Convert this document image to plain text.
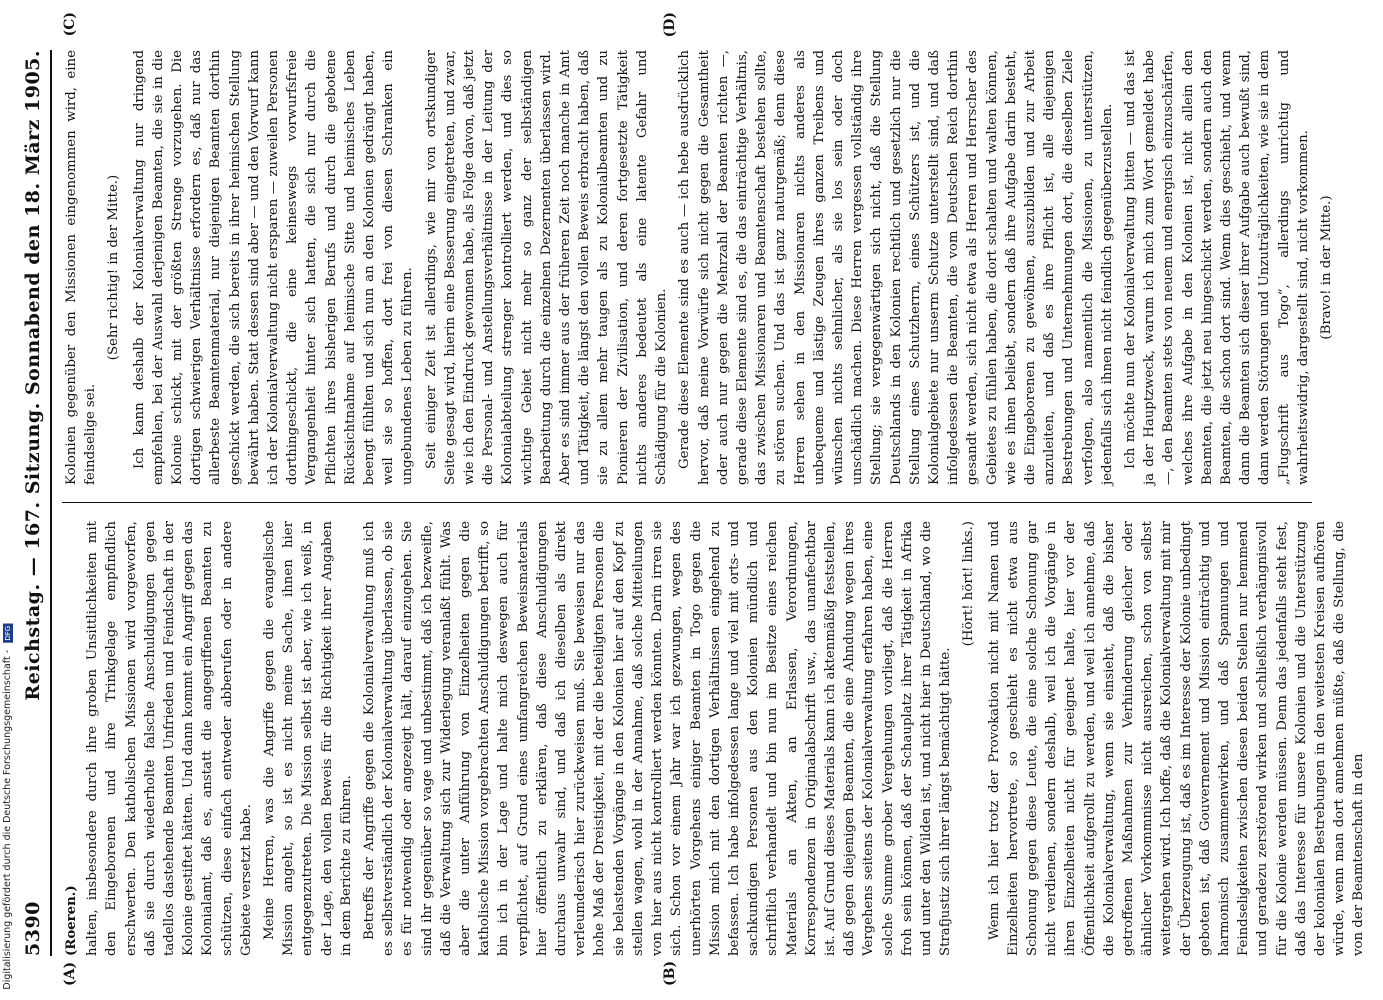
5390
Reichstag. — 167. Sitzung. Sonnabend den 18. März 1905.
(A)	(B)
(C)	(D)
(Roeren.) halten, insbesondere durch ihre groben Unsittlichkeiten mit den Eingeborenen und ihre Trinkgelage empfindlich erschwerten. Den katholischen Missionen wird vorgeworfen, daß sie durch wiederholte falsche Anschuldigungen gegen tadellos dastehende Beamten Unfrieden und Feindschaft in der Kolonie gestiftet hätten. Und dann kommt ein Angriff gegen das Kolonialamt, daß es, anstatt die angegriffenen Beamten zu schützen, diese einfach entweder abberufen oder in andere Gebiete versetzt habe. Meine Herren, was die Angriffe gegen die evangelische Mission angeht, so ist es nicht meine Sache, ihnen hier entgegenzutreten. Die Mission selbst ist aber, wie ich weiß, in der Lage, den vollen Beweis für die Richtigkeit ihrer Angaben in dem Berichte zu führen. Betreffs der Angriffe gegen die Kolonialverwaltung muß ich es selbstverständlich der Kolonialverwaltung überlassen, ob sie es für notwendig oder angezeigt hält, darauf einzugehen. Sie sind ihr gegenüber so vage und unbestimmt, daß ich bezweifle, daß die Verwaltung sich zur Widerlegung veranlaßt fühlt. Was aber die unter Anführung von Einzelheiten gegen die katholische Mission vorgebrachten Anschuldigungen betrifft, so bin ich in der Lage und halte mich deswegen auch für verpflichtet, auf Grund eines umfangreichen Beweismaterials hier öffentlich zu erklären, daß diese Anschuldigungen durchaus unwahr sind, und daß ich dieselben als direkt verleumderisch hier zurückweisen muß. Sie beweisen nur das hohe Maß der Dreistigkeit, mit der die beteiligten Personen die sie belastenden Vorgänge in den Kolonien hier auf den Kopf zu stellen wagen, wohl in der Annahme, daß solche Mitteilungen von hier aus nicht kontrolliert werden könnten. Darin irren sie sich. Schon vor einem Jahr war ich gezwungen, wegen des unerhörten Vorgehens einiger Beamten in Togo gegen die Mission mich mit den dortigen Verhältnissen eingehend zu befassen. Ich habe infolgedessen lange und viel mit orts- und sachkundigen Personen aus den Kolonien mündlich und schriftlich verhandelt und bin nun im Besitze eines reichen Materials an Akten, an Erlassen, Verordnungen, Korrespondenzen in Originalabschrift usw., das unanfechtbar ist. Auf Grund dieses Materials kann ich aktenmäßig feststellen, daß gegen diejenigen Beamten, die eine Ahndung wegen ihres Vergehens seitens der Kolonialverwaltung erfahren haben, eine solche Summe grober Vergehungen vorliegt, daß die Herren froh sein können, daß der Schauplatz ihrer Tätigkeit in Afrika und unter den Wilden ist, und nicht hier in Deutschland, wo die Strafjustiz sich ihrer längst bemächtigt hätte.

(Hört! hört! links.) Wenn ich hier trotz der Provokation nicht mit Namen und Einzelheiten hervortrete, so geschieht es nicht etwa aus Schonung gegen diese Leute, die eine solche Schonung gar nicht verdienen, sondern deshalb, weil ich die Vorgänge in ihren Einzelheiten nicht für geeignet halte, hier vor der Öffentlichkeit aufgerollt zu werden, und weil ich annehme, daß die Kolonialverwaltung, wenn sie einsieht, daß die bisher getroffenen Maßnahmen zur Verhinderung gleicher oder ähnlicher Vorkommnisse nicht ausreichen, schon von selbst weitergehen wird. Ich hoffe, daß die Kolonialverwaltung mit mir der Überzeugung ist, daß es im Interesse der Kolonie unbedingt geboten ist, daß Gouvernement und Mission einträchtig und harmonisch zusammenwirken, und daß Spannungen und Feindseligkeiten zwischen diesen beiden Stellen nur hemmend und geradezu zerstörend wirken und schließlich verhängnisvoll für die Kolonie werden müssen. Denn das jedenfalls steht fest, daß das Interesse für unsere Kolonien und die Unterstützung der kolonialen Bestrebungen in den weitesten Kreisen aufhören würde, wenn man dort annehmen müßte, daß die Stellung, die von der Beamtenschaft in den

Kolonien gegenüber den Missionen eingenommen wird, eine feindselige sei.

(Sehr richtig! in der Mitte.) Ich kann deshalb der Kolonialverwaltung nur dringend empfehlen, bei der Auswahl derjenigen Beamten, die sie in die Kolonie schickt, mit der größten Strenge vorzugehen. Die dortigen schwierigen Verhältnisse erfordern es, daß nur das allerbeste Beamtenmaterial, nur diejenigen Beamten dorthin geschickt werden, die sich bereits in ihrer heimischen Stellung bewährt haben. Statt dessen sind aber — und den Vorwurf kann ich der Kolonialverwaltung nicht ersparen — zuweilen Personen dorthingeschickt, die eine keineswegs vorwurfsfreie Vergangenheit hinter sich hatten, die sich nur durch die Pflichten ihres bisherigen Berufs und durch die gebotene Rücksichtnahme auf heimische Sitte und heimisches Leben beengt fühlten und sich nun an den Kolonien gedrängt haben, weil sie so hoffen, dort frei von diesen Schranken ein ungebundenes Leben zu führen. Seit einiger Zeit ist allerdings, wie mir von ortskundiger Seite gesagt wird, hierin eine Besserung eingetreten, und zwar, wie ich den Eindruck gewonnen habe, als Folge davon, daß jetzt die Personal- und Anstellungsverhältnisse in der Leitung der Kolonialabteilung strenger kontrolliert werden, und dies so wichtige Gebiet nicht mehr so ganz der selbständigen Bearbeitung durch die einzelnen Dezernenten überlassen wird. Aber es sind immer aus der früheren Zeit noch manche in Amt und Tätigkeit, die längst den vollen Beweis erbracht haben, daß sie zu allem mehr taugen als zu Kolonialbeamten und zu Pionieren der Zivilisation, und deren fortgesetzte Tätigkeit nichts anderes bedeutet als eine latente Gefahr und Schädigung für die Kolonien. Gerade diese Elemente sind es auch — ich hebe ausdrücklich hervor, daß meine Vorwürfe sich nicht gegen die Gesamtheit oder auch nur gegen die Mehrzahl der Beamten richten —, gerade diese Elemente sind es, die das einträchtige Verhältnis, das zwischen Missionaren und Beamtenschaft bestehen sollte, zu stören suchen. Und das ist ganz naturgemäß; denn diese Herren sehen in den Missionaren nichts anderes als unbequeme und lästige Zeugen ihres ganzen Treibens und wünschen nichts sehnlicher, als sie los sein oder doch unschädlich machen. Diese Herren vergessen vollständig ihre Stellung; sie vergegenwärtigen sich nicht, daß die Stellung Deutschlands in den Kolonien rechtlich und gesetzlich nur die Stellung eines Schutzherrn, eines Schützers ist, und die Kolonialgebiete nur unserm Schutze unterstellt sind, und daß infolgedessen die Beamten, die vom Deutschen Reich dorthin gesandt werden, sich nicht etwa als Herren und Herrscher des Gebietes zu fühlen haben, die dort schalten und walten können, wie es ihnen beliebt, sondern daß ihre Aufgabe darin besteht, die Eingeborenen zu gewöhnen, auszubilden und zur Arbeit anzuleiten, und daß es ihre Pflicht ist, alle diejenigen Bestrebungen und Unternehmungen dort, die dieselben Ziele verfolgen, also namentlich die Missionen, zu unterstützen, jedenfalls sich ihnen nicht feindlich gegenüberzustellen. Ich möchte nun der Kolonialverwaltung bitten — und das ist ja der Hauptzweck, warum ich mich zum Wort gemeldet habe —, den Beamten stets von neuem und energisch einzuschärfen, welches ihre Aufgabe in den Kolonien ist, nicht allein den Beamten, die jetzt neu hingeschickt werden, sondern auch den Beamten, die schon dort sind. Wenn dies geschieht, und wenn dann die Beamten sich dieser ihrer Aufgabe auch bewußt sind, dann werden Störungen und Unzuträglichkeiten, wie sie in dem „Flugschrift aus Togo“, allerdings unrichtig und wahrheitswidrig, dargestellt sind, nicht vorkommen. (Bravo! in der Mitte.)
Digitalisierung gefördert durch die Deutsche Forschungsgemeinschaft - DFG
